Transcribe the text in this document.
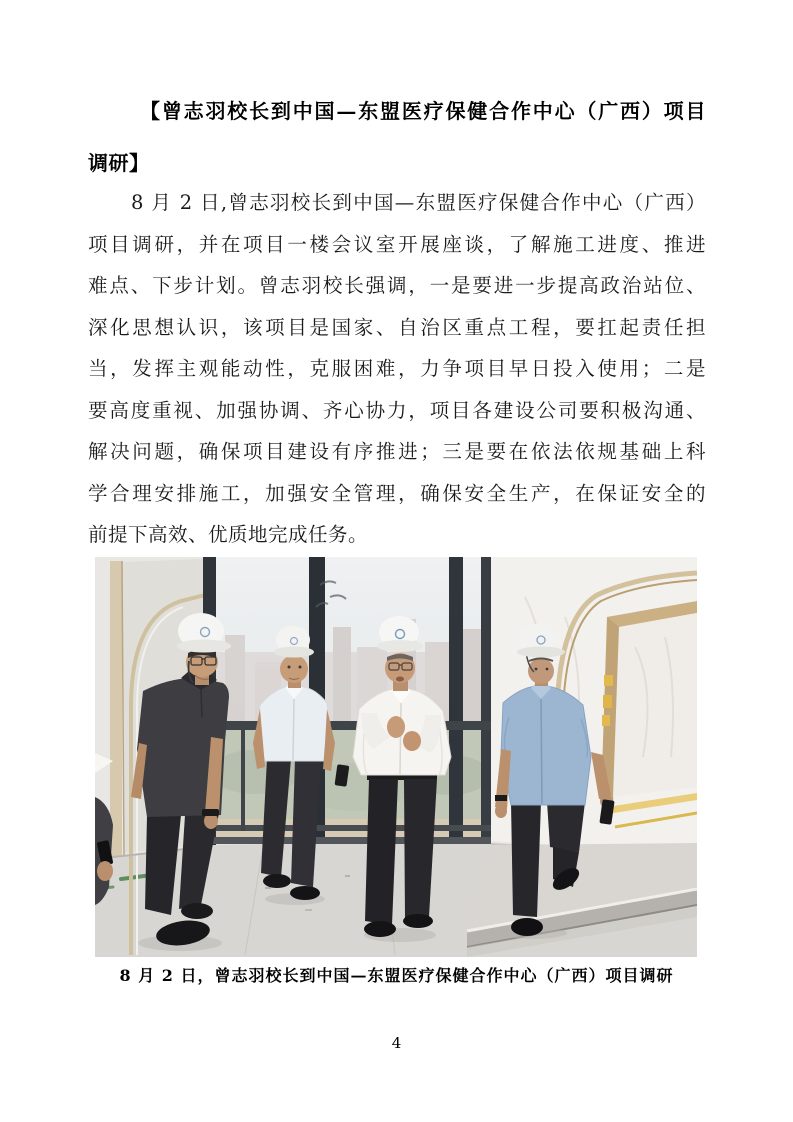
【曾志羽校长到中国—东盟医疗保健合作中心（广西）项目
调研】
8 月 2 日,曾志羽校长到中国—东盟医疗保健合作中心（广西）
项目调研，并在项目一楼会议室开展座谈，了解施工进度、推进
难点、下步计划。曾志羽校长强调，一是要进一步提高政治站位、
深化思想认识，该项目是国家、自治区重点工程，要扛起责任担
当，发挥主观能动性，克服困难，力争项目早日投入使用；二是
要高度重视、加强协调、齐心协力，项目各建设公司要积极沟通、
解决问题，确保项目建设有序推进；三是要在依法依规基础上科
学合理安排施工，加强安全管理，确保安全生产，在保证安全的
前提下高效、优质地完成任务。
8 月 2 日，曾志羽校长到中国—东盟医疗保健合作中心（广西）项目调研
4
